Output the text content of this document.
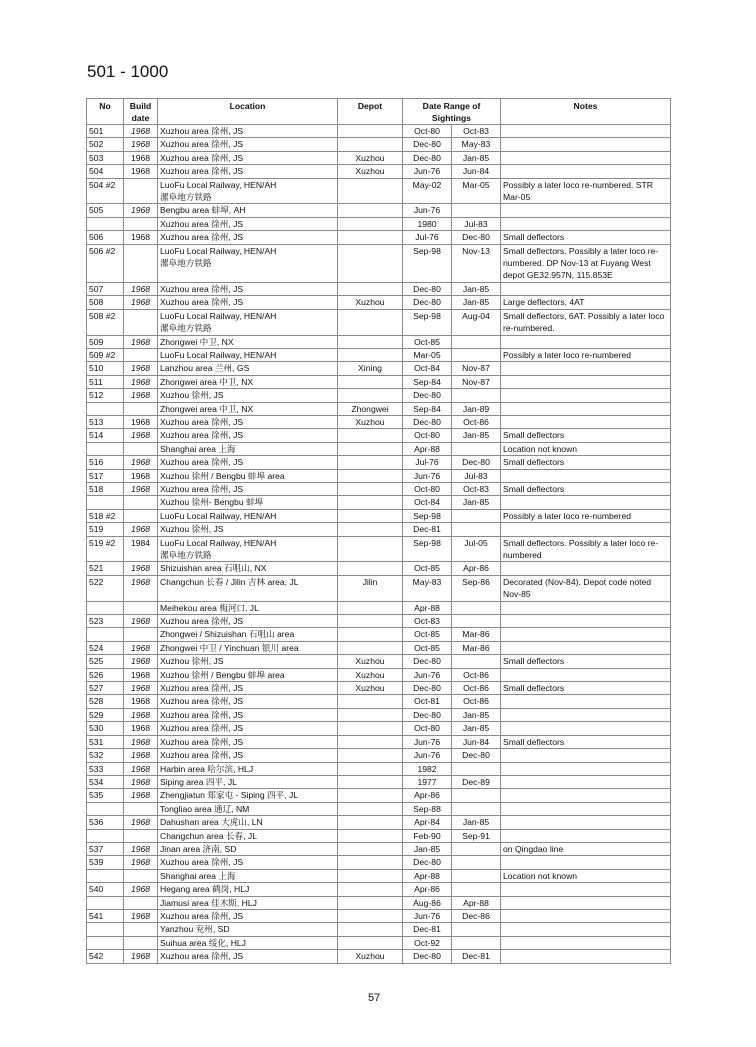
501 - 1000
No	Build date	Location	Depot	Date Range of Sightings		Notes
501	1968	Xuzhou area 徐州, JS		Oct-80	Oct-83	
502	1968	Xuzhou area 徐州, JS		Dec-80	May-83	
503	1968	Xuzhou area 徐州, JS	Xuzhou	Dec-80	Jan-85	
504	1968	Xuzhou area 徐州, JS	Xuzhou	Jun-76	Jun-84	
504 #2		LuoFu Local Railway, HEN/AH
漯阜地方铁路		May-02	Mar-05	Possibly a later loco re-numbered. STR Mar-05
505	1968	Bengbu area 蚌埠, AH		Jun-76		
		Xuzhou area 徐州, JS		1980	Jul-83	
506	1968	Xuzhou area 徐州, JS		Jul-76	Dec-80	Small deflectors
506 #2		LuoFu Local Railway, HEN/AH
漯阜地方铁路		Sep-98	Nov-13	Small deflectors. Possibly a later loco re-numbered. DP Nov-13 at Fuyang West depot GE32.957N, 115.853E
507	1968	Xuzhou area 徐州, JS		Dec-80	Jan-85	
508	1968	Xuzhou area 徐州, JS	Xuzhou	Dec-80	Jan-85	Large deflectors, 4AT
508 #2		LuoFu Local Railway, HEN/AH
漯阜地方铁路		Sep-98	Aug-04	Small deflectors, 6AT. Possibly a later loco re-numbered.
509	1968	Zhongwei 中卫, NX		Oct-85		
509 #2		LuoFu Local Railway, HEN/AH		Mar-05		Possibly a later loco re-numbered
510	1968	Lanzhou area 兰州, GS	Xining	Oct-84	Nov-87	
511	1968	Zhongwei area 中卫, NX		Sep-84	Nov-87	
512	1968	Xuzhou 徐州, JS		Dec-80		
		Zhongwei area 中卫, NX	Zhongwei	Sep-84	Jan-89	
513	1968	Xuzhou area 徐州, JS	Xuzhou	Dec-80	Oct-86	
514	1968	Xuzhou area 徐州, JS		Oct-80	Jan-85	Small deflectors
		Shanghai area 上海		Apr-88		Location not known
516	1968	Xuzhou area 徐州, JS		Jul-76	Dec-80	Small deflectors
517	1968	Xuzhou 徐州 / Bengbu 蚌埠 area		Jun-76	Jul-83	
518	1968	Xuzhou area 徐州, JS		Oct-80	Oct-83	Small deflectors
		Xuzhou 徐州- Bengbu 蚌埠		Oct-84	Jan-85	
518 #2		LuoFu Local Railway, HEN/AH		Sep-98		Possibly a later loco re-numbered
519	1968	Xuzhou 徐州, JS		Dec-81		
519 #2	1984	LuoFu Local Railway, HEN/AH
漯阜地方铁路		Sep-98	Jul-05	Small deflectors. Possibly a later loco re-numbered
521	1968	Shizuishan area 石咀山, NX		Oct-85	Apr-86	
522	1968	Changchun 长春 / Jilin 吉林 area, JL	Jilin	May-83	Sep-86	Decorated (Nov-84). Depot code noted Nov-85
		Meihekou area 梅河口, JL		Apr-88		
523	1968	Xuzhou area 徐州, JS		Oct-83		
		Zhongwei / Shizuishan 石咀山 area		Oct-85	Mar-86	
524	1968	Zhongwei 中卫 / Yinchuan 银川 area		Oct-85	Mar-86	
525	1968	Xuzhou 徐州, JS	Xuzhou	Dec-80		Small deflectors
526	1968	Xuzhou 徐州 / Bengbu 蚌埠 area	Xuzhou	Jun-76	Oct-86	
527	1968	Xuzhou area 徐州, JS	Xuzhou	Dec-80	Oct-86	Small deflectors
528	1968	Xuzhou area 徐州, JS		Oct-81	Oct-86	
529	1968	Xuzhou area 徐州, JS		Dec-80	Jan-85	
530	1968	Xuzhou area 徐州, JS		Oct-80	Jan-85	
531	1968	Xuzhou area 徐州, JS		Jun-76	Jun-84	Small deflectors
532	1968	Xuzhou area 徐州, JS		Jun-76	Dec-80	
533	1968	Harbin area 哈尔滨, HLJ		1982		
534	1968	Siping area 四平, JL		1977	Dec-89	
535	1968	Zhengjiatun 郑家屯 - Siping 四平, JL		Apr-86		
		Tongliao area 通辽, NM		Sep-88		
536	1968	Dahushan area 大虎山, LN		Apr-84	Jan-85	
		Changchun area 长春, JL		Feb-90	Sep-91	
537	1968	Jinan area 济南, SD		Jan-85		on Qingdao line
539	1968	Xuzhou area 徐州, JS		Dec-80		
		Shanghai area 上海		Apr-88		Location not known
540	1968	Hegang area 鹤岗, HLJ		Apr-86		
		Jiamusi area 佳木斯, HLJ		Aug-86	Apr-88	
541	1968	Xuzhou area 徐州, JS		Jun-76	Dec-86	
		Yanzhou 兖州, SD		Dec-81		
		Suihua area 绥化, HLJ		Oct-92		
542	1968	Xuzhou area 徐州, JS	Xuzhou	Dec-80	Dec-81	
57
